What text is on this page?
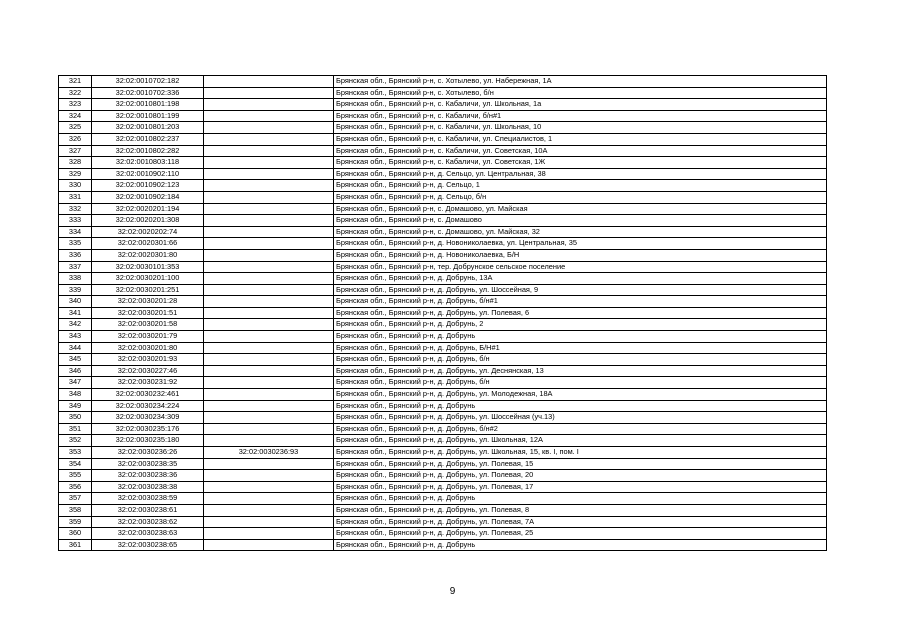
321	32:02:0010702:182		Брянская обл., Брянский р-н, с. Хотылево, ул. Набережная, 1А
322	32:02:0010702:336		Брянская обл., Брянский р-н, с. Хотылево, б/н
323	32:02:0010801:198		Брянская обл., Брянский р-н, с. Кабаличи, ул. Школьная, 1а
324	32:02:0010801:199		Брянская обл., Брянский р-н, с. Кабаличи, б/н#1
325	32:02:0010801:203		Брянская обл., Брянский р-н, с. Кабаличи, ул. Школьная, 10
326	32:02:0010802:237		Брянская обл., Брянский р-н, с. Кабаличи, ул. Специалистов, 1
327	32:02:0010802:282		Брянская обл., Брянский р-н, с. Кабаличи, ул. Советская, 10А
328	32:02:0010803:118		Брянская обл., Брянский р-н, с. Кабаличи, ул. Советская, 1Ж
329	32:02:0010902:110		Брянская обл., Брянский р-н, д. Сельцо, ул. Центральная, 38
330	32:02:0010902:123		Брянская обл., Брянский р-н, д. Сельцо, 1
331	32:02:0010902:184		Брянская обл., Брянский р-н, д. Сельцо, б/н
332	32:02:0020201:194		Брянская обл., Брянский р-н, с. Домашово, ул. Майская
333	32:02:0020201:308		Брянская обл., Брянский р-н, с. Домашово
334	32:02:0020202:74		Брянская обл., Брянский р-н, с. Домашово, ул. Майская, 32
335	32:02:0020301:66		Брянская обл., Брянский р-н, д. Новониколаевка, ул. Центральная, 35
336	32:02:0020301:80		Брянская обл., Брянский р-н, д. Новониколаевка, Б/Н
337	32:02:0030101:353		Брянская обл., Брянский р-н, тер. Добрунское сельское поселение
338	32:02:0030201:100		Брянская обл., Брянский р-н, д. Добрунь, 13А
339	32:02:0030201:251		Брянская обл., Брянский р-н, д. Добрунь, ул. Шоссейная, 9
340	32:02:0030201:28		Брянская обл., Брянский р-н, д. Добрунь, б/н#1
341	32:02:0030201:51		Брянская обл., Брянский р-н, д. Добрунь, ул. Полевая, 6
342	32:02:0030201:58		Брянская обл., Брянский р-н, д. Добрунь, 2
343	32:02:0030201:79		Брянская обл., Брянский р-н, д. Добрунь
344	32:02:0030201:80		Брянская обл., Брянский р-н, д. Добрунь, Б/Н#1
345	32:02:0030201:93		Брянская обл., Брянский р-н, д. Добрунь, б/н
346	32:02:0030227:46		Брянская обл., Брянский р-н, д. Добрунь, ул. Деснянская, 13
347	32:02:0030231:92		Брянская обл., Брянский р-н, д. Добрунь, б/н
348	32:02:0030232:461		Брянская обл., Брянский р-н, д. Добрунь, ул. Молодежная, 18А
349	32:02:0030234:224		Брянская обл., Брянский р-н, д. Добрунь
350	32:02:0030234:309		Брянская обл., Брянский р-н, д. Добрунь, ул. Шоссейная (уч.13)
351	32:02:0030235:176		Брянская обл., Брянский р-н, д. Добрунь, б/н#2
352	32:02:0030235:180		Брянская обл., Брянский р-н, д. Добрунь, ул. Школьная, 12А
353	32:02:0030236:26	32:02:0030236:93	Брянская обл., Брянский р-н, д. Добрунь, ул. Школьная, 15, кв. I, пом. I
354	32:02:0030238:35		Брянская обл., Брянский р-н, д. Добрунь, ул. Полевая, 15
355	32:02:0030238:36		Брянская обл., Брянский р-н, д. Добрунь, ул. Полевая, 20
356	32:02:0030238:38		Брянская обл., Брянский р-н, д. Добрунь, ул. Полевая, 17
357	32:02:0030238:59		Брянская обл., Брянский р-н, д. Добрунь
358	32:02:0030238:61		Брянская обл., Брянский р-н, д. Добрунь, ул. Полевая, 8
359	32:02:0030238:62		Брянская обл., Брянский р-н, д. Добрунь, ул. Полевая, 7А
360	32:02:0030238:63		Брянская обл., Брянский р-н, д. Добрунь, ул. Полевая, 25
361	32:02:0030238:65		Брянская обл., Брянский р-н, д. Добрунь
9
